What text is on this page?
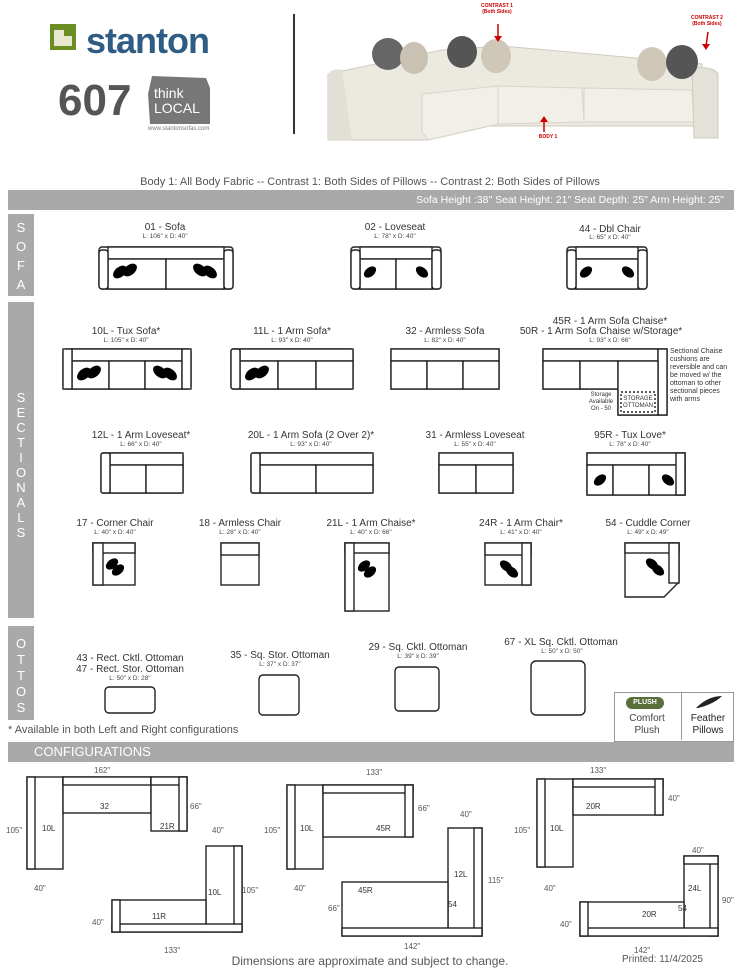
stanton
607 think
LOCAL
www.stantonsofas.com
CONTRAST 1
(Both Sides)
CONTRAST 2
(Both Sides)
BODY 1
Body 1: All Body Fabric -- Contrast 1: Both Sides of Pillows -- Contrast 2: Both Sides of Pillows
Sofa Height :38" Seat Height: 21" Seat Depth: 25" Arm Height: 25"
S
O
F
A
01 - Sofa
L: 106" x D: 40"
02 - Loveseat
L: 78" x D: 40"
44 - Dbl Chair
L: 65" x D: 40"
S
E
C
T
I
O
N
A
L
S
10L - Tux Sofa*
L: 105" x D: 40"
11L - 1 Arm Sofa*
L: 93" x D: 40"
32 - Armless Sofa
L: 82" x D: 40"
45R - 1 Arm Sofa Chaise*
50R - 1 Arm Sofa Chaise w/Storage*
L: 93" x D: 66"
Sectional Chaise
cushions are
reversible and can
be moved w/ the
ottoman to other
sectional pieces
with arms
Storage
Available
On - 50
STORAGE
OTTOMAN
12L - 1 Arm Loveseat*
L: 66" x D: 40"
20L - 1 Arm Sofa (2 Over 2)*
L: 93" x D: 40"
31 - Armless Loveseat
L: 55" x D: 40"
95R - Tux Love*
L: 78" x D: 40"
17 - Corner Chair
L: 40" x D: 40"
18 - Armless Chair
L: 28" x D: 40"
21L - 1 Arm Chaise*
L: 40" x D: 66"
24R - 1 Arm Chair*
L: 41" x D: 40"
54 - Cuddle Corner
L: 49" x D: 49"
O
T
T
O
S
43 - Rect. Cktl. Ottoman
47 - Rect. Stor. Ottoman
L: 50" x D: 28"
35 - Sq. Stor. Ottoman
L: 37" x D: 37"
29 - Sq. Cktl. Ottoman
L: 39" x D: 39"
67 - XL Sq. Cktl. Ottoman
L: 50" x D: 50"
PLUSH
Comfort
Plush
Feather
Pillows
* Available in both Left and Right configurations
CONFIGURATIONS
162"
66"
105"
40"
40"
105"
40"
133"
32
21R
10L
10L
11R
133"
66"
105"
40"
40"
115"
66"
142"
45R
10L
12L
45R
54
133"
40"
105"
40"
40"
90"
40"
142"
20R
10L
24L
20R
54
Dimensions are approximate and subject to change.	Printed: 11/4/2025
